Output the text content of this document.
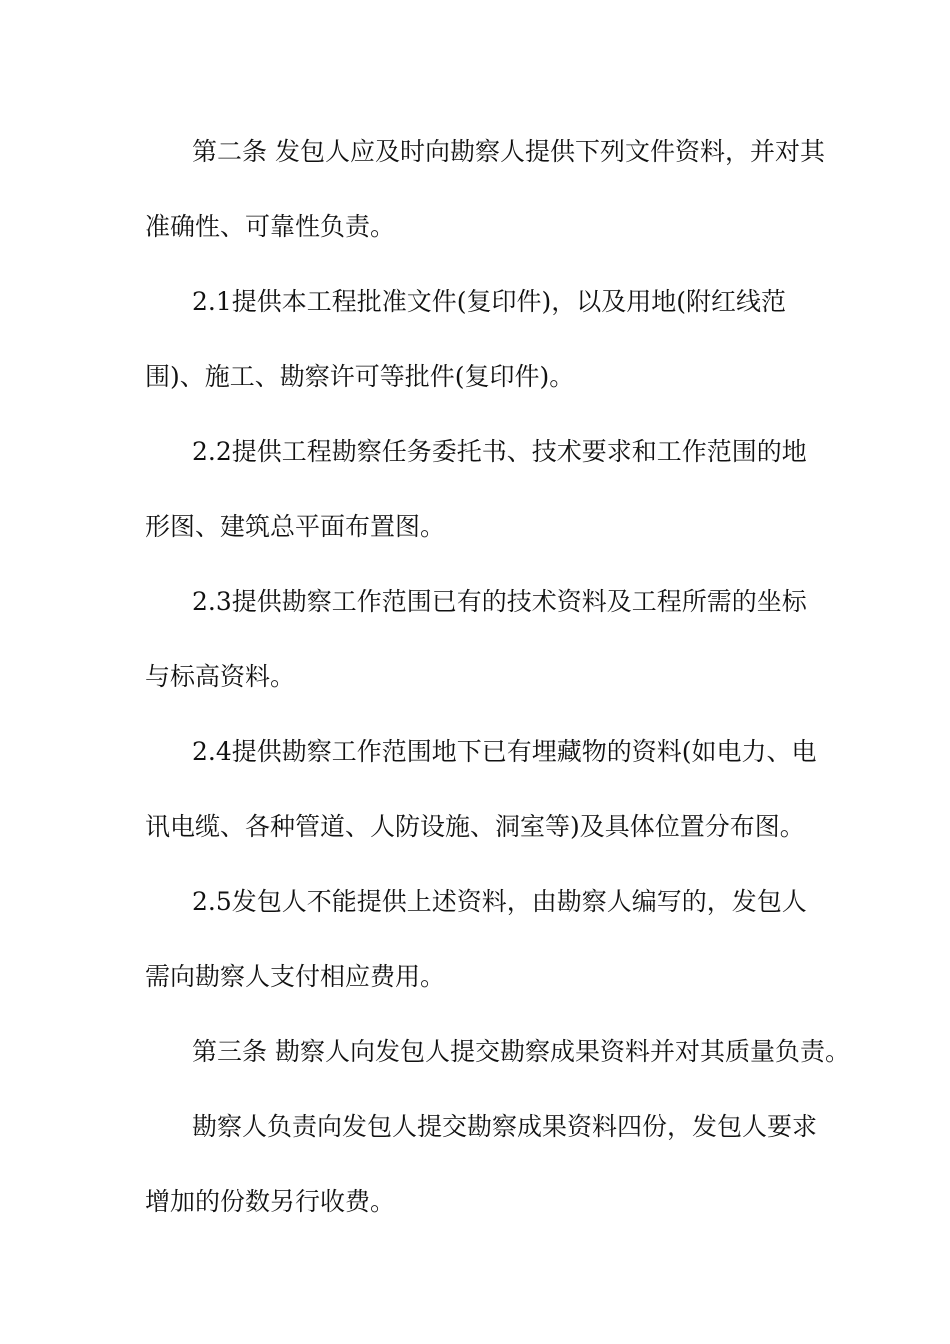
第二条 发包人应及时向勘察人提供下列文件资料，并对其
准确性、可靠性负责。
2.1提供本工程批准文件(复印件)，以及用地(附红线范
围)、施工、勘察许可等批件(复印件)。
2.2提供工程勘察任务委托书、技术要求和工作范围的地
形图、建筑总平面布置图。
2.3提供勘察工作范围已有的技术资料及工程所需的坐标
与标高资料。
2.4提供勘察工作范围地下已有埋藏物的资料(如电力、电
讯电缆、各种管道、人防设施、洞室等)及具体位置分布图。
2.5发包人不能提供上述资料，由勘察人编写的，发包人
需向勘察人支付相应费用。
第三条 勘察人向发包人提交勘察成果资料并对其质量负责。
勘察人负责向发包人提交勘察成果资料四份，发包人要求
增加的份数另行收费。
